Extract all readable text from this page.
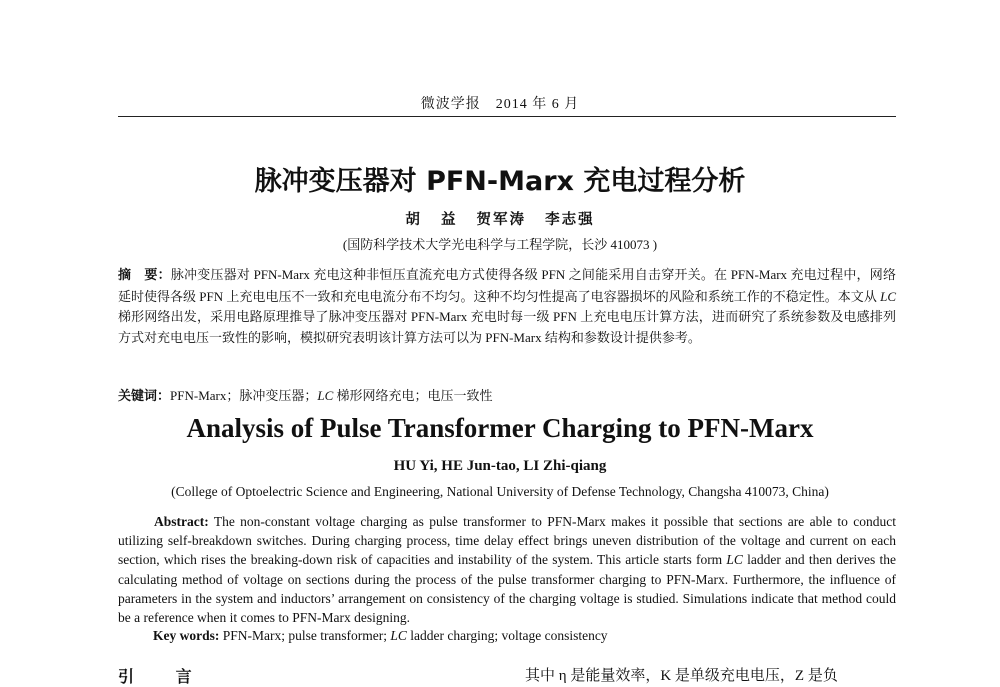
微波学报　2014 年 6 月
脉冲变压器对 PFN-Marx 充电过程分析
胡 益 贺军涛 李志强
(国防科学技术大学光电科学与工程学院，长沙 410073 )
摘　要：脉冲变压器对 PFN-Marx 充电这种非恒压直流充电方式使得各级 PFN 之间能采用自击穿开关。在 PFN-Marx 充电过程中，网络延时使得各级 PFN 上充电电压不一致和充电电流分布不均匀。这种不均匀性提高了电容器损坏的风险和系统工作的不稳定性。本文从 LC 梯形网络出发，采用电路原理推导了脉冲变压器对 PFN-Marx 充电时每一级 PFN 上充电电压计算方法，进而研究了系统参数及电感排列方式对充电电压一致性的影响，模拟研究表明该计算方法可以为 PFN-Marx 结构和参数设计提供参考。
关键词：PFN-Marx；脉冲变压器；LC 梯形网络充电；电压一致性
Analysis of Pulse Transformer Charging to PFN-Marx
HU Yi, HE Jun-tao, LI Zhi-qiang
(College of Optoelectric Science and Engineering, National University of Defense Technology, Changsha 410073, China)
Abstract: The non-constant voltage charging as pulse transformer to PFN-Marx makes it possible that sections are able to conduct utilizing self-breakdown switches. During charging process, time delay effect brings uneven distribution of the voltage and current on each section, which rises the breaking-down risk of capacities and instability of the system. This article starts form LC ladder and then derives the calculating method of voltage on sections during the process of the pulse transformer charging to PFN-Marx. Furthermore, the influence of parameters in the system and inductors’ arrangement on consistency of the charging voltage is studied. Simulations indicate that method could be a reference when it comes to PFN-Marx designing.
Key words: PFN-Marx; pulse transformer; LC ladder charging; voltage consistency
引 言	其中 η 是能量效率，K 是单级充电电压，Z 是负
